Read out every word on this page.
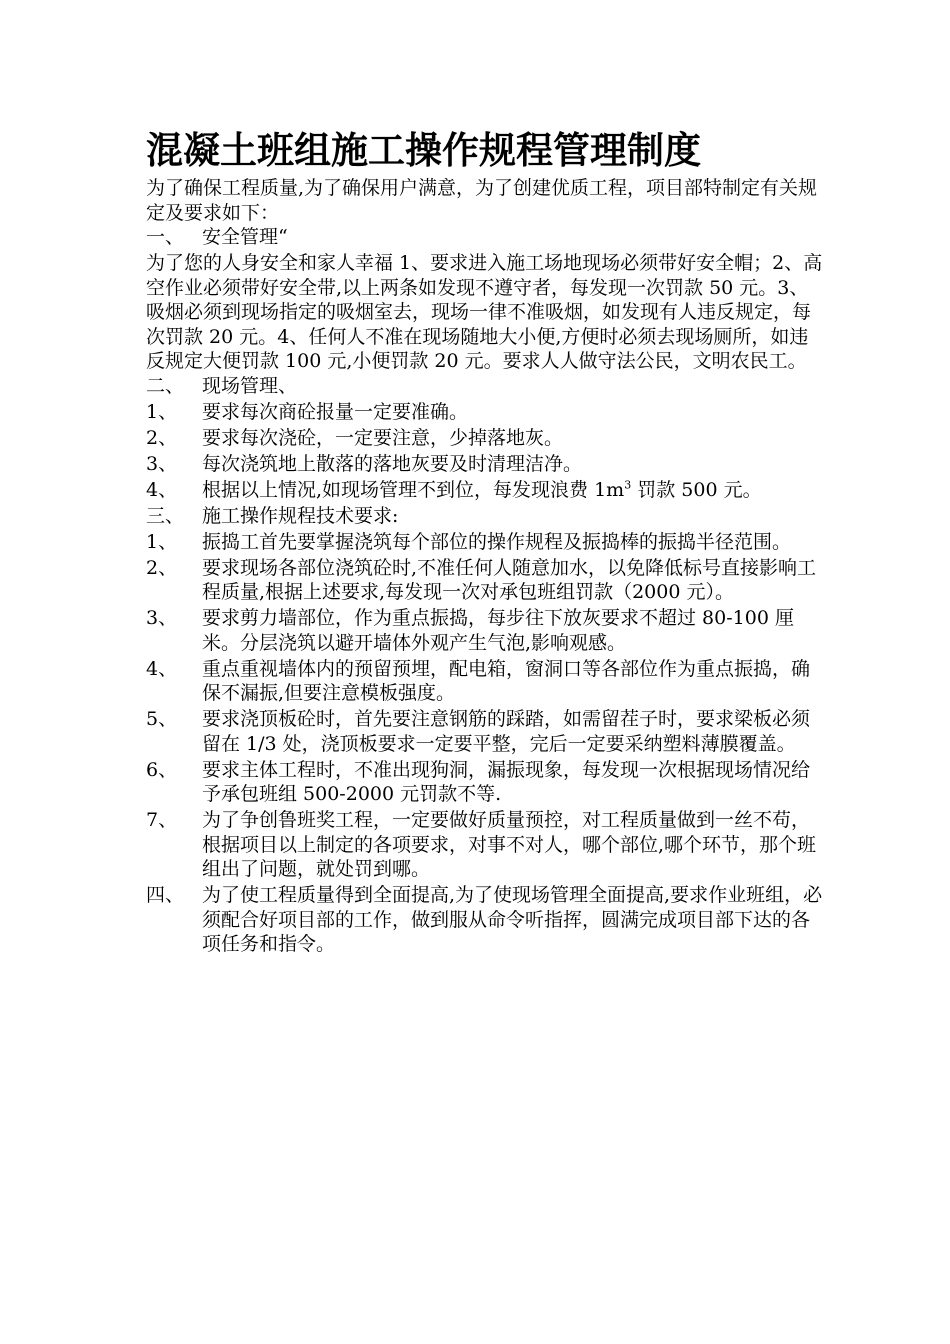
混凝土班组施工操作规程管理制度

为了确保工程质量,为了确保用户满意，为了创建优质工程，项目部特制定有关规定及要求如下：

一、 安全管理“

为了您的人身安全和家人幸福 1、要求进入施工场地现场必须带好安全帽；2、高空作业必须带好安全带,以上两条如发现不遵守者，每发现一次罚款 50 元。3、吸烟必须到现场指定的吸烟室去，现场一律不准吸烟，如发现有人违反规定，每次罚款 20 元。4、任何人不准在现场随地大小便,方便时必须去现场厕所，如违反规定大便罚款 100 元,小便罚款 20 元。要求人人做守法公民，文明农民工。

二、 现场管理、
1、	要求每次商砼报量一定要准确。
2、	要求每次浇砼，一定要注意，少掉落地灰。
3、	每次浇筑地上散落的落地灰要及时清理洁净。
4、	根据以上情况,如现场管理不到位，每发现浪费 $1m^3$ 罚款 500 元。
三、 施工操作规程技术要求:
1、	振捣工首先要掌握浇筑每个部位的操作规程及振捣棒的振捣半径范围。
2、	要求现场各部位浇筑砼时,不准任何人随意加水，以免降低标号直接影响工程质量,根据上述要求,每发现一次对承包班组罚款（2000 元）。
3、	要求剪力墙部位，作为重点振捣，每步往下放灰要求不超过 80-100 厘米。分层浇筑以避开墙体外观产生气泡,影响观感。
4、	重点重视墙体内的预留预埋，配电箱，窗洞口等各部位作为重点振捣，确保不漏振,但要注意模板强度。
5、	要求浇顶板砼时，首先要注意钢筋的踩踏，如需留茬子时，要求梁板必须留在 1/3 处，浇顶板要求一定要平整，完后一定要采纳塑料薄膜覆盖。
6、	要求主体工程时，不准出现狗洞，漏振现象，每发现一次根据现场情况给予承包班组 500-2000 元罚款不等.
7、	为了争创鲁班奖工程，一定要做好质量预控，对工程质量做到一丝不苟，根据项目以上制定的各项要求，对事不对人，哪个部位,哪个环节，那个班组出了问题，就处罚到哪。
四、 为了使工程质量得到全面提高,为了使现场管理全面提高,要求作业班组，必须配合好项目部的工作，做到服从命令听指挥，圆满完成项目部下达的各项任务和指令。
